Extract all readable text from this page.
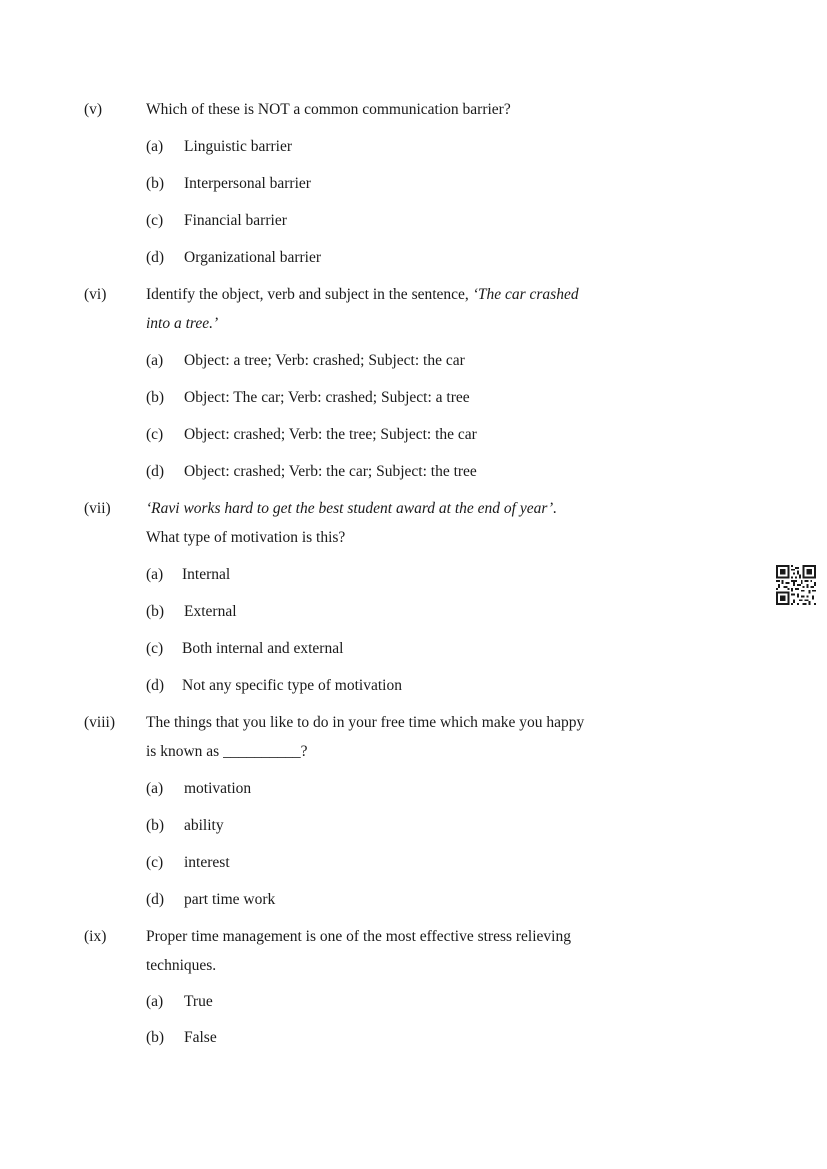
(v)	Which of these is NOT a common communication barrier?
(a) Linguistic barrier
(b) Interpersonal barrier
(c) Financial barrier
(d) Organizational barrier
(vi)	Identify the object, verb and subject in the sentence, ‘The car crashed
into a tree.’
(a) Object: a tree; Verb: crashed; Subject: the car
(b) Object: The car; Verb: crashed; Subject: a tree
(c) Object: crashed; Verb: the tree; Subject: the car
(d) Object: crashed; Verb: the car; Subject: the tree
(vii) ‘Ravi works hard to get the best student award at the end of year’.
What type of motivation is this?
(a) Internal
(b) External
(c) Both internal and external
(d) Not any specific type of motivation
(viii) The things that you like to do in your free time which make you happy
is known as __________?
(a) motivation
(b) ability
(c) interest
(d) part time work
(ix)	Proper time management is one of the most effective stress relieving
techniques.
(a) True
(b) False
